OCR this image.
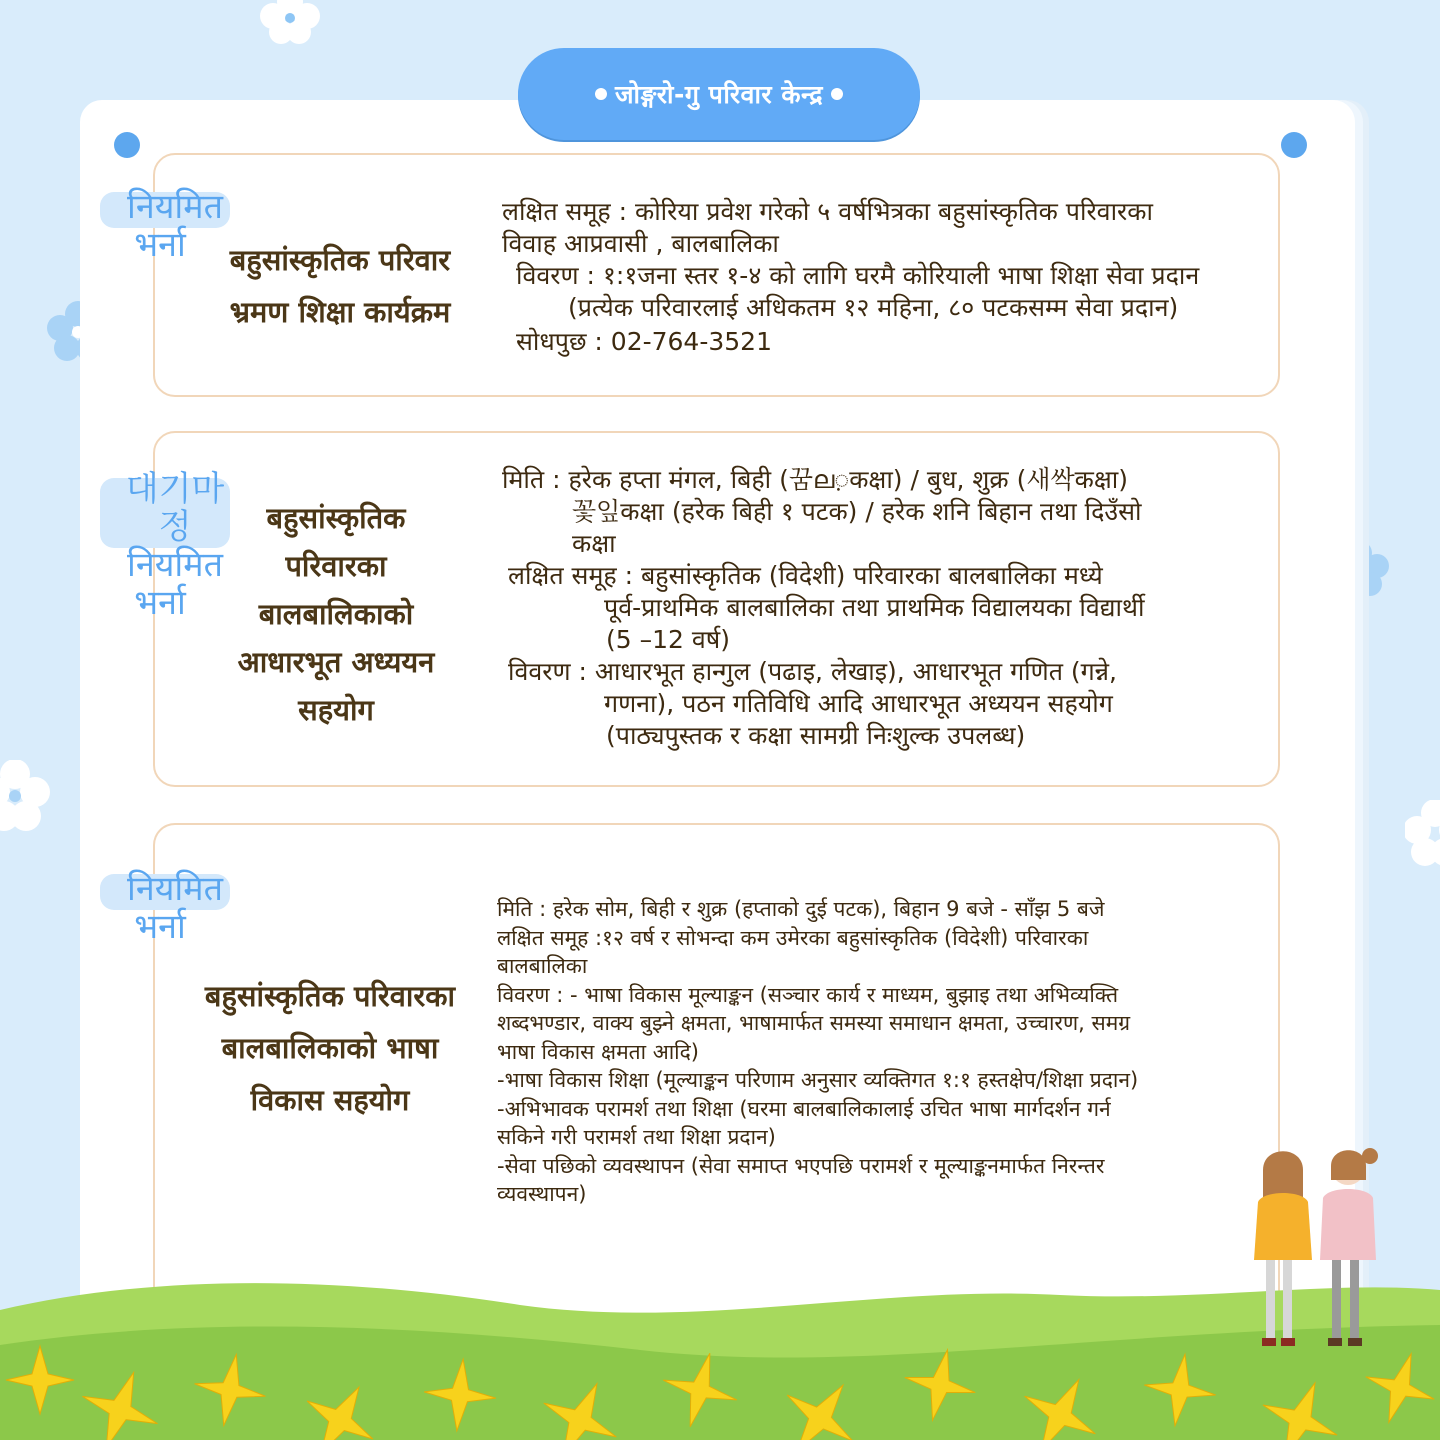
जोङ्गरो-गु परिवार केन्द्र
नियमित
भर्ना	बहुसांस्कृतिक परिवार
भ्रमण शिक्षा कार्यक्रम
लक्षित समूह : कोरिया प्रवेश गरेको ५ वर्षभित्रका बहुसांस्कृतिक परिवारका
विवाह आप्रवासी , बालबालिका
विवरण : १:१जना स्तर १-४ को लागि घरमै कोरियाली भाषा शिक्षा सेवा प्रदान
(प्रत्येक परिवारलाई अधिकतम १२ महिना, ८० पटकसम्म सेवा प्रदान)
सोधपुछ : 02-764-3521
대기마정
नियमित
भर्ना
बहुसांस्कृतिक
परिवारका
बालबालिकाको
आधारभूत अध्ययन
सहयोग
मिति : हरेक हप्ता मंगल, बिही (꿈ല़कक्षा) / बुध, शुक्र (새싹कक्षा)
꽃잎कक्षा (हरेक बिही १ पटक) / हरेक शनि बिहान तथा दिउँसो
कक्षा
लक्षित समूह : बहुसांस्कृतिक (विदेशी) परिवारका बालबालिका मध्ये
पूर्व-प्राथमिक बालबालिका तथा प्राथमिक विद्यालयका विद्यार्थी
(5 –12 वर्ष)
विवरण : आधारभूत हान्गुल (पढाइ, लेखाइ), आधारभूत गणित (गन्ने,
गणना), पठन गतिविधि आदि आधारभूत अध्ययन सहयोग
(पाठ्यपुस्तक र कक्षा सामग्री निःशुल्क उपलब्ध)
नियमित
भर्ना
बहुसांस्कृतिक परिवारका
बालबालिकाको भाषा
विकास सहयोग
मिति : हरेक सोम, बिही र शुक्र (हप्ताको दुई पटक), बिहान 9 बजे - साँझ 5 बजे
लक्षित समूह :१२ वर्ष र सोभन्दा कम उमेरका बहुसांस्कृतिक (विदेशी) परिवारका
बालबालिका
विवरण : - भाषा विकास मूल्याङ्कन (सञ्चार कार्य र माध्यम, बुझाइ तथा अभिव्यक्ति
शब्दभण्डार, वाक्य बुझ्ने क्षमता, भाषामार्फत समस्या समाधान क्षमता, उच्चारण, समग्र
भाषा विकास क्षमता आदि)
-भाषा विकास शिक्षा (मूल्याङ्कन परिणाम अनुसार व्यक्तिगत १:१ हस्तक्षेप/शिक्षा प्रदान)
-अभिभावक परामर्श तथा शिक्षा (घरमा बालबालिकालाई उचित भाषा मार्गदर्शन गर्न
सकिने गरी परामर्श तथा शिक्षा प्रदान)
-सेवा पछिको व्यवस्थापन (सेवा समाप्त भएपछि परामर्श र मूल्याङ्कनमार्फत निरन्तर
व्यवस्थापन)
